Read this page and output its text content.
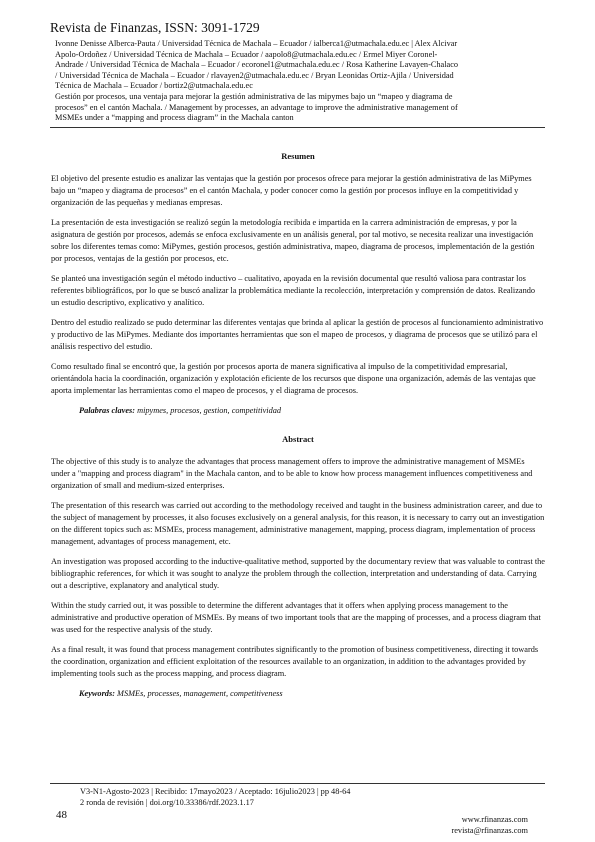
Revista de Finanzas, ISSN: 3091-1729
Ivonne Denisse Alberca-Pauta / Universidad Técnica de Machala – Ecuador / ialberca1@utmachala.edu.ec | Alex Alcivar
Apolo-Ordoñez / Universidad Técnica de Machala – Ecuador / aapolo8@utmachala.edu.ec / Ermel Miyer Coronel-
Andrade / Universidad Técnica de Machala – Ecuador / ecoronel1@utmachala.edu.ec / Rosa Katherine Lavayen-Chalaco
/ Universidad Técnica de Machala – Ecuador / rlavayen2@utmachala.edu.ec / Bryan Leonidas Ortiz-Ajila / Universidad
Técnica de Machala – Ecuador / bortiz2@utmachala.edu.ec
Gestión por procesos, una ventaja para mejorar la gestión administrativa de las mipymes bajo un “mapeo y diagrama de
procesos” en el cantón Machala. / Management by processes, an advantage to improve the administrative management of
MSMEs under a “mapping and process diagram” in the Machala canton
Resumen

El objetivo del presente estudio es analizar las ventajas que la gestión por procesos ofrece para mejorar la gestión administrativa de las MiPymes bajo un “mapeo y diagrama de procesos” en el cantón Machala, y poder conocer como la gestión por procesos influye en la competitividad y organización de las pequeñas y medianas empresas.

La presentación de esta investigación se realizó según la metodología recibida e impartida en la carrera administración de empresas, y por la asignatura de gestión por procesos, además se enfoca exclusivamente en un análisis general, por tal motivo, se necesita realizar una investigación sobre los diferentes temas como: MiPymes, gestión procesos, gestión administrativa, mapeo, diagrama de procesos, implementación de la gestión por procesos, ventajas de la gestión por procesos, etc.

Se planteó una investigación según el método inductivo – cualitativo, apoyada en la revisión documental que resultó valiosa para contrastar los referentes bibliográficos, por lo que se buscó analizar la problemática mediante la recolección, interpretación y comprensión de datos. Realizando un estudio descriptivo, explicativo y analítico.

Dentro del estudio realizado se pudo determinar las diferentes ventajas que brinda al aplicar la gestión de procesos al funcionamiento administrativo y productivo de las MiPymes. Mediante dos importantes herramientas que son el mapeo de procesos, y diagrama de procesos que se utilizó para el análisis respectivo del estudio.

Como resultado final se encontró que, la gestión por procesos aporta de manera significativa al impulso de la competitividad empresarial, orientándola hacia la coordinación, organización y explotación eficiente de los recursos que dispone una organización, además de las ventajas que aporta implementar las herramientas como el mapeo de procesos, y el diagrama de procesos.

Palabras claves: mipymes, procesos, gestion, competitividad
Abstract

The objective of this study is to analyze the advantages that process management offers to improve the administrative management of MSMEs under a "mapping and process diagram" in the Machala canton, and to be able to know how process management influences competitiveness and organization of small and medium-sized enterprises.

The presentation of this research was carried out according to the methodology received and taught in the business administration career, and due to the subject of management by processes, it also focuses exclusively on a general analysis, for this reason, it is necessary to carry out an investigation on the different topics such as: MSMEs, process management, administrative management, mapping, process diagram, implementation of process management, advantages of process management, etc.

An investigation was proposed according to the inductive-qualitative method, supported by the documentary review that was valuable to contrast the bibliographic references, for which it was sought to analyze the problem through the collection, interpretation and understanding of data. Carrying out a descriptive, explanatory and analytical study.

Within the study carried out, it was possible to determine the different advantages that it offers when applying process management to the administrative and productive operation of MSMEs. By means of two important tools that are the mapping of processes, and a process diagram that was used for the respective analysis of the study.

As a final result, it was found that process management contributes significantly to the promotion of business competitiveness, directing it towards the coordination, organization and efficient exploitation of the resources available to an organization, in addition to the advantages provided by implementing tools such as the process mapping, and process diagram.

Keywords: MSMEs, processes, management, competitiveness
V3-N1-Agosto-2023 | Recibido: 17mayo2023 / Aceptado: 16julio2023 | pp 48-64
2 ronda de revisión | doi.org/10.33386/rdf.2023.1.17
48	www.rfinanzas.com
revista@rfinanzas.com
